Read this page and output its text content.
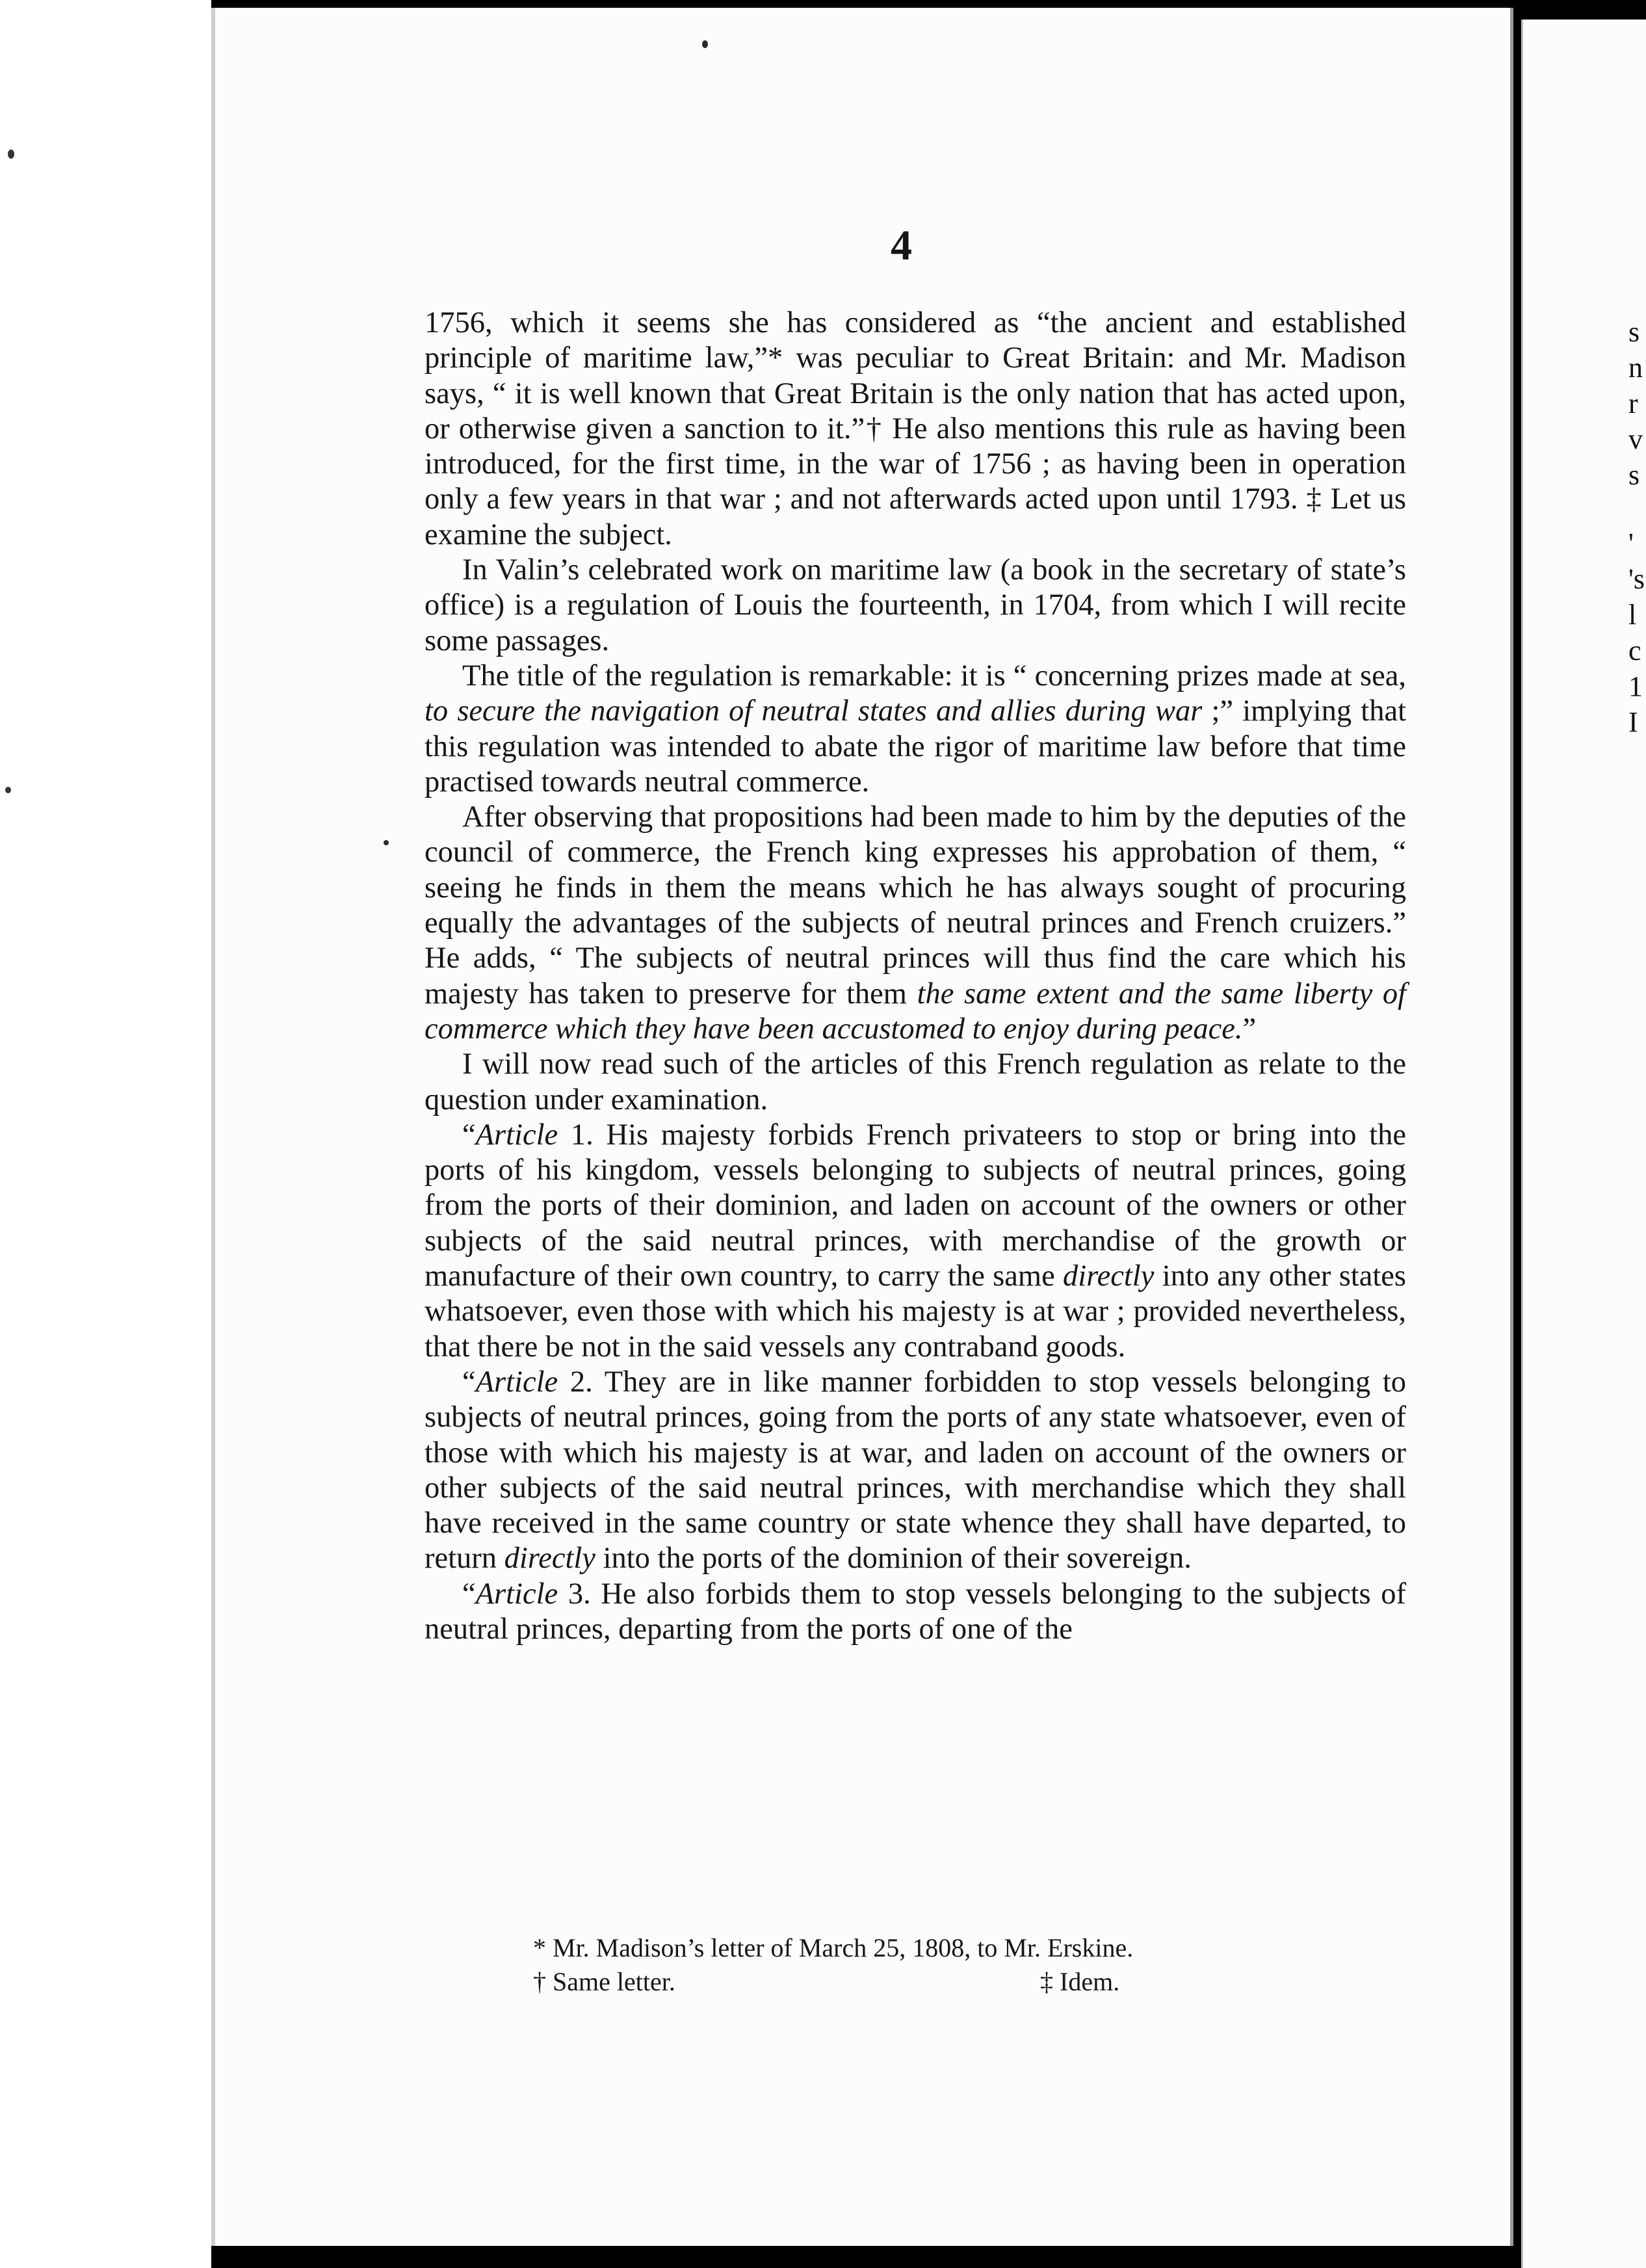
s
n
r
v
s
'
's
l
c
1
I
4

1756, which it seems she has considered as “the ancient and established principle of maritime law,”* was peculiar to Great Britain: and Mr. Madison says, “ it is well known that Great Britain is the only nation that has acted upon, or otherwise given a sanction to it.”† He also mentions this rule as having been introduced, for the first time, in the war of 1756 ; as having been in operation only a few years in that war ; and not afterwards acted upon until 1793. ‡ Let us examine the subject.

In Valin’s celebrated work on maritime law (a book in the secretary of state’s office) is a regulation of Louis the fourteenth, in 1704, from which I will recite some passages.

The title of the regulation is remarkable: it is “ concerning prizes made at sea, to secure the navigation of neutral states and allies during war ;” implying that this regulation was intended to abate the rigor of maritime law before that time practised towards neutral commerce.

After observing that propositions had been made to him by the deputies of the council of commerce, the French king expresses his approbation of them, “ seeing he finds in them the means which he has always sought of procuring equally the advantages of the subjects of neutral princes and French cruizers.” He adds, “ The subjects of neutral princes will thus find the care which his majesty has taken to preserve for them the same extent and the same liberty of commerce which they have been accustomed to enjoy during peace.”

I will now read such of the articles of this French regulation as relate to the question under examination.

“Article 1. His majesty forbids French privateers to stop or bring into the ports of his kingdom, vessels belonging to subjects of neutral princes, going from the ports of their dominion, and laden on account of the owners or other subjects of the said neutral princes, with merchandise of the growth or manufacture of their own country, to carry the same directly into any other states whatsoever, even those with which his majesty is at war ; provided nevertheless, that there be not in the said vessels any contraband goods.

“Article 2. They are in like manner forbidden to stop vessels belonging to subjects of neutral princes, going from the ports of any state whatsoever, even of those with which his majesty is at war, and laden on account of the owners or other subjects of the said neutral princes, with merchandise which they shall have received in the same country or state whence they shall have departed, to return directly into the ports of the dominion of their sovereign.

“Article 3. He also forbids them to stop vessels belonging to the subjects of neutral princes, departing from the ports of one of the

* Mr. Madison’s letter of March 25, 1808, to Mr. Erskine.
† Same letter.	‡ Idem.
